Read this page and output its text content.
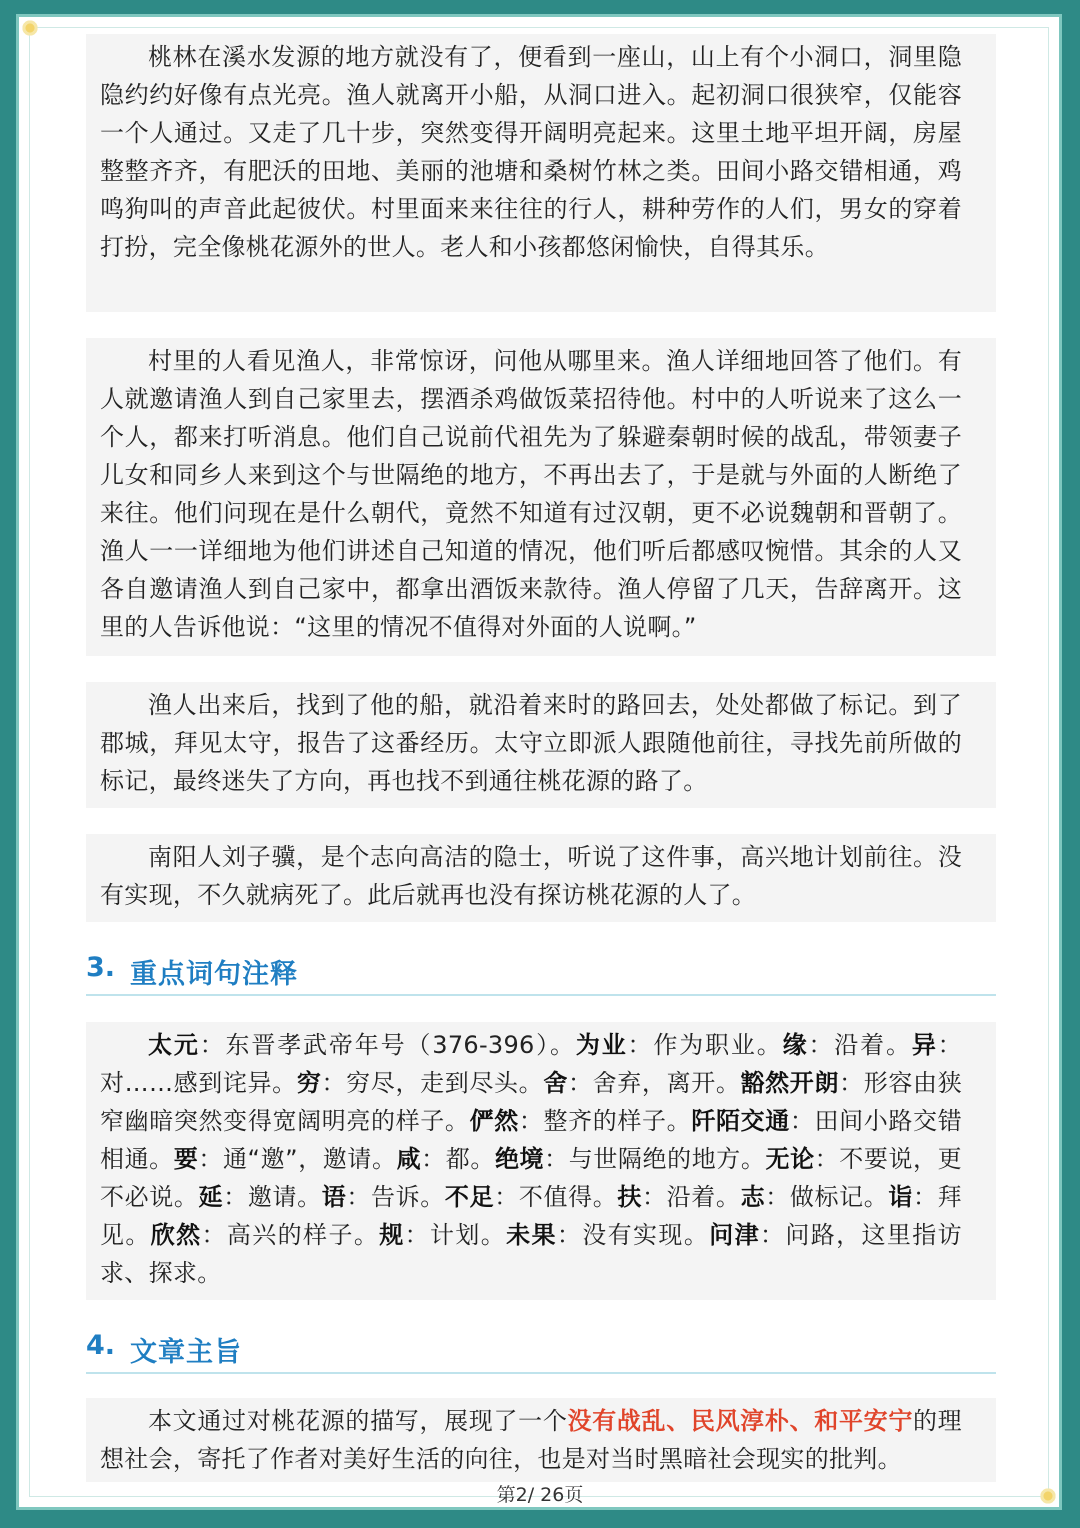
桃林在溪水发源的地方就没有了，便看到一座山，山上有个小洞口，洞里隐隐约约好像有点光亮。渔人就离开小船，从洞口进入。起初洞口很狭窄，仅能容一个人通过。又走了几十步，突然变得开阔明亮起来。这里土地平坦开阔，房屋整整齐齐，有肥沃的田地、美丽的池塘和桑树竹林之类。田间小路交错相通，鸡鸣狗叫的声音此起彼伏。村里面来来往往的行人，耕种劳作的人们，男女的穿着打扮，完全像桃花源外的世人。老人和小孩都悠闲愉快，自得其乐。

村里的人看见渔人，非常惊讶，问他从哪里来。渔人详细地回答了他们。有人就邀请渔人到自己家里去，摆酒杀鸡做饭菜招待他。村中的人听说来了这么一个人，都来打听消息。他们自己说前代祖先为了躲避秦朝时候的战乱，带领妻子儿女和同乡人来到这个与世隔绝的地方，不再出去了，于是就与外面的人断绝了来往。他们问现在是什么朝代，竟然不知道有过汉朝，更不必说魏朝和晋朝了。渔人一一详细地为他们讲述自己知道的情况，他们听后都感叹惋惜。其余的人又各自邀请渔人到自己家中，都拿出酒饭来款待。渔人停留了几天，告辞离开。这里的人告诉他说：“这里的情况不值得对外面的人说啊。”

渔人出来后，找到了他的船，就沿着来时的路回去，处处都做了标记。到了郡城，拜见太守，报告了这番经历。太守立即派人跟随他前往，寻找先前所做的标记，最终迷失了方向，再也找不到通往桃花源的路了。

南阳人刘子骥，是个志向高洁的隐士，听说了这件事，高兴地计划前往。没有实现，不久就病死了。此后就再也没有探访桃花源的人了。

3. 重点词句注释

太元：东晋孝武帝年号（376-396）。为业：作为职业。缘：沿着。异：对……感到诧异。穷：穷尽，走到尽头。舍：舍弃，离开。豁然开朗：形容由狭窄幽暗突然变得宽阔明亮的样子。俨然：整齐的样子。阡陌交通：田间小路交错相通。要：通“邀”，邀请。咸：都。绝境：与世隔绝的地方。无论：不要说，更不必说。延：邀请。语：告诉。不足：不值得。扶：沿着。志：做标记。诣：拜见。欣然：高兴的样子。规：计划。未果：没有实现。问津：问路，这里指访求、探求。

4. 文章主旨

本文通过对桃花源的描写，展现了一个没有战乱、民风淳朴、和平安宁的理想社会，寄托了作者对美好生活的向往，也是对当时黑暗社会现实的批判。

第2/ 26页
